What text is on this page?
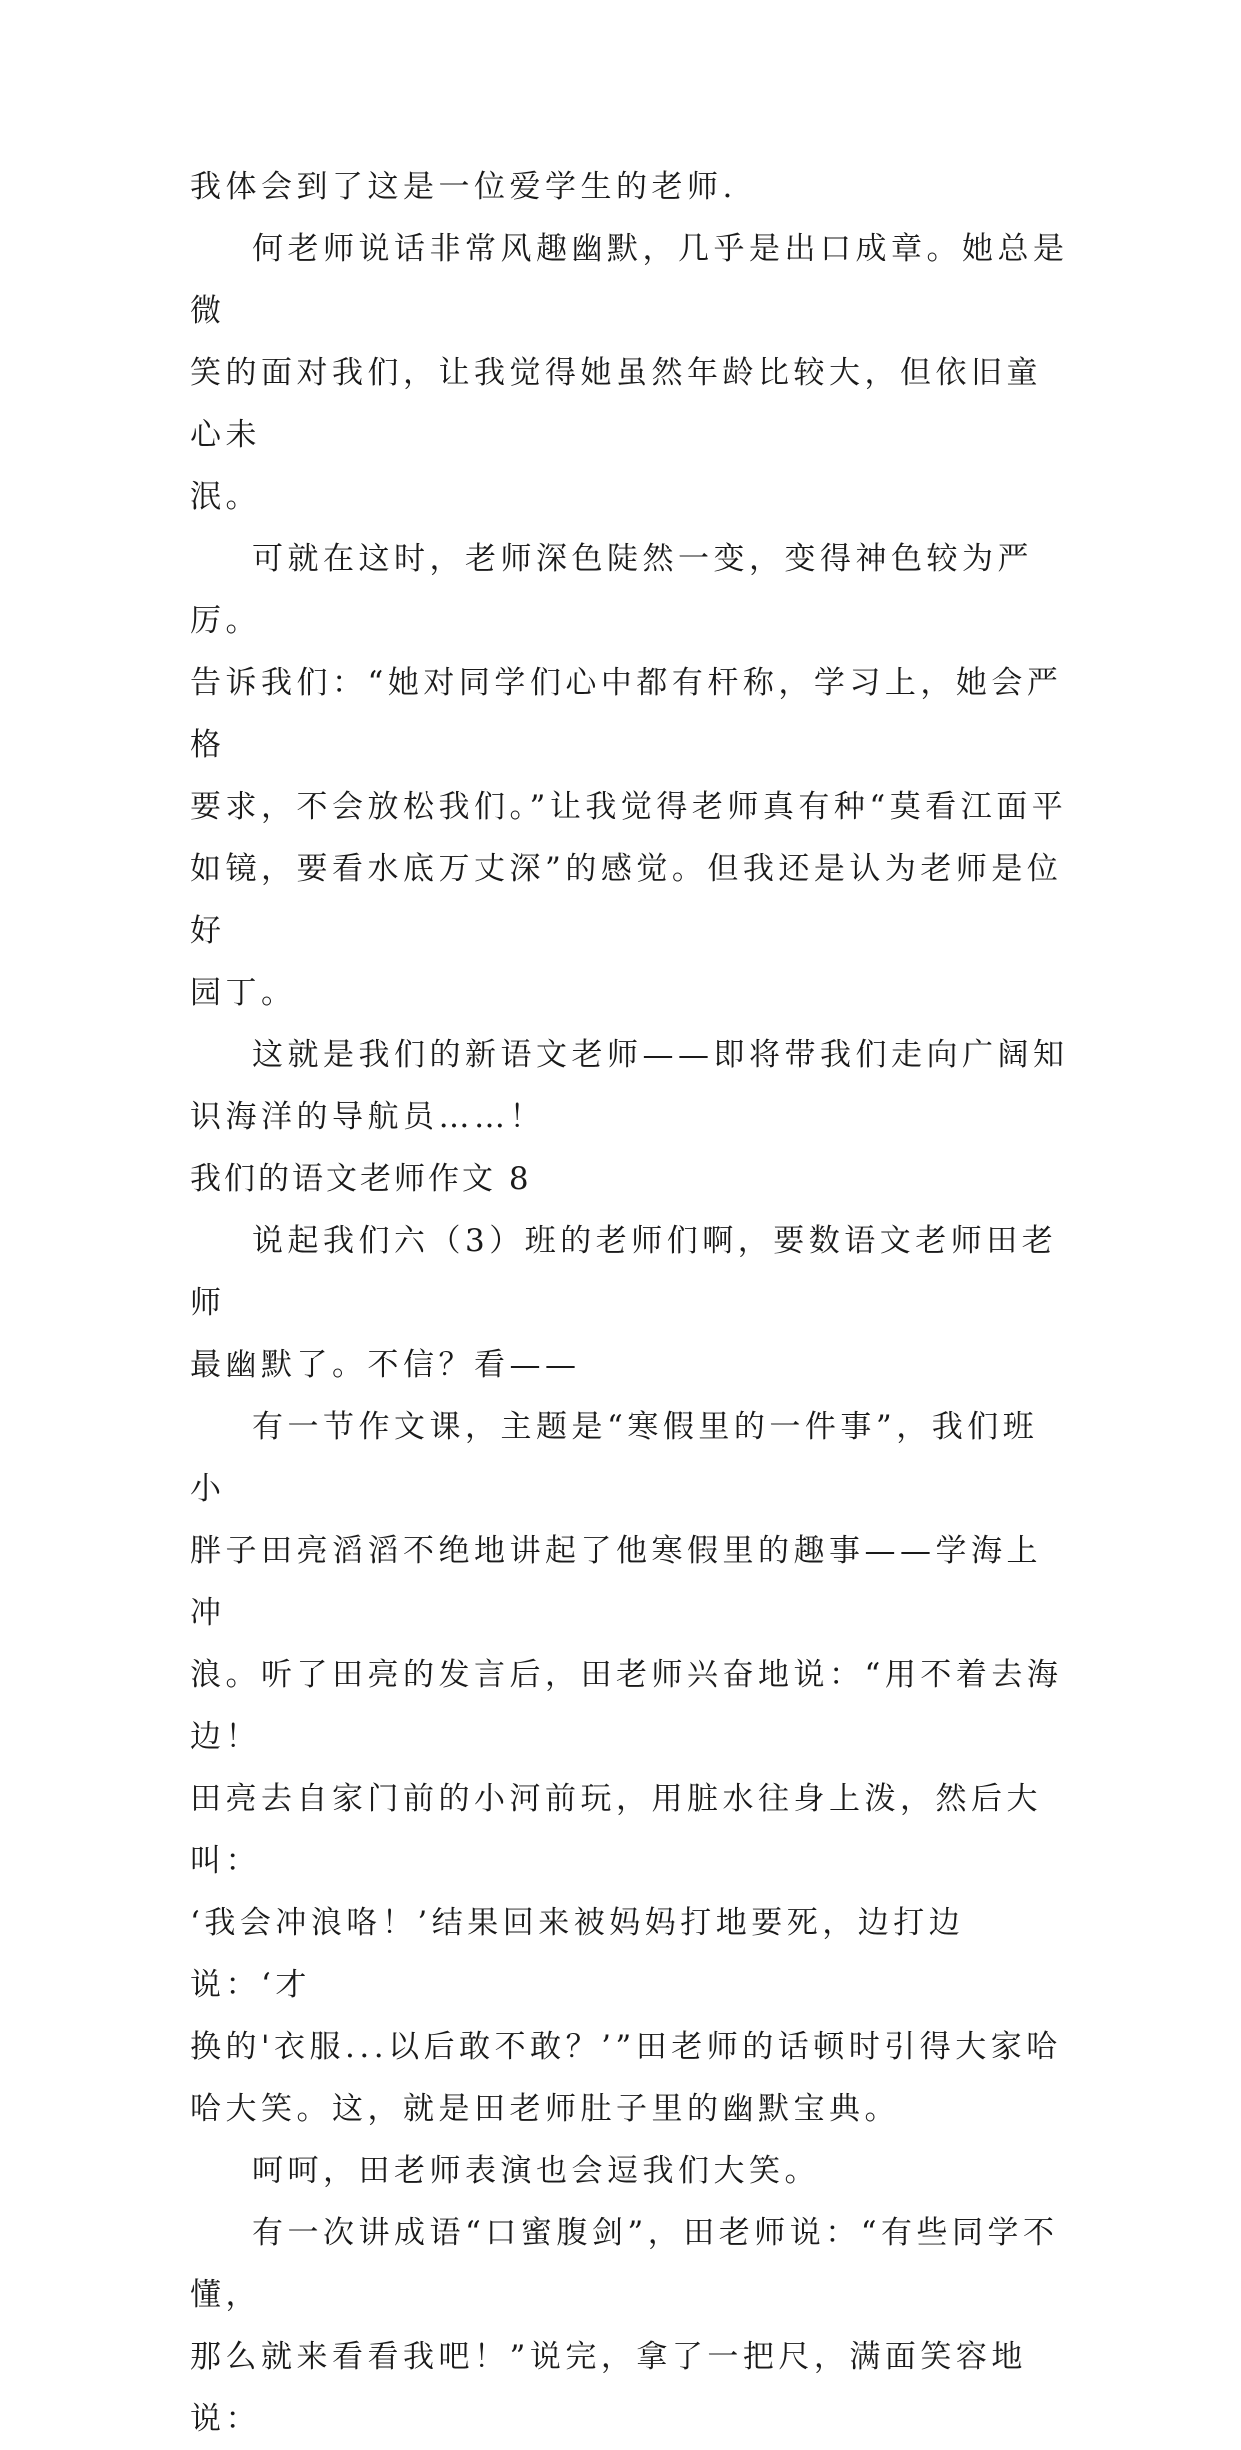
我体会到了这是一位爱学生的老师.

何老师说话非常风趣幽默，几乎是出口成章。她总是微
笑的面对我们，让我觉得她虽然年龄比较大，但依旧童心未
泯。

可就在这时，老师深色陡然一变，变得神色较为严厉。
告诉我们：“她对同学们心中都有杆称，学习上，她会严格
要求，不会放松我们。”让我觉得老师真有种“莫看江面平
如镜，要看水底万丈深”的感觉。但我还是认为老师是位好
园丁。

这就是我们的新语文老师——即将带我们走向广阔知
识海洋的导航员……！

我们的语文老师作文 8

说起我们六（3）班的老师们啊，要数语文老师田老师
最幽默了。不信？看——

有一节作文课，主题是“寒假里的一件事”，我们班小
胖子田亮滔滔不绝地讲起了他寒假里的趣事——学海上冲
浪。听了田亮的发言后，田老师兴奋地说：“用不着去海边！
田亮去自家门前的小河前玩，用脏水往身上泼，然后大叫：
‘我会冲浪咯！’结果回来被妈妈打地要死，边打边说：‘才
换的'衣服...以后敢不敢？’”田老师的话顿时引得大家哈
哈大笑。这，就是田老师肚子里的幽默宝典。

呵呵，田老师表演也会逗我们大笑。

有一次讲成语“口蜜腹剑”，田老师说：“有些同学不懂，
那么就来看看我吧！”说完，拿了一把尺，满面笑容地说：
